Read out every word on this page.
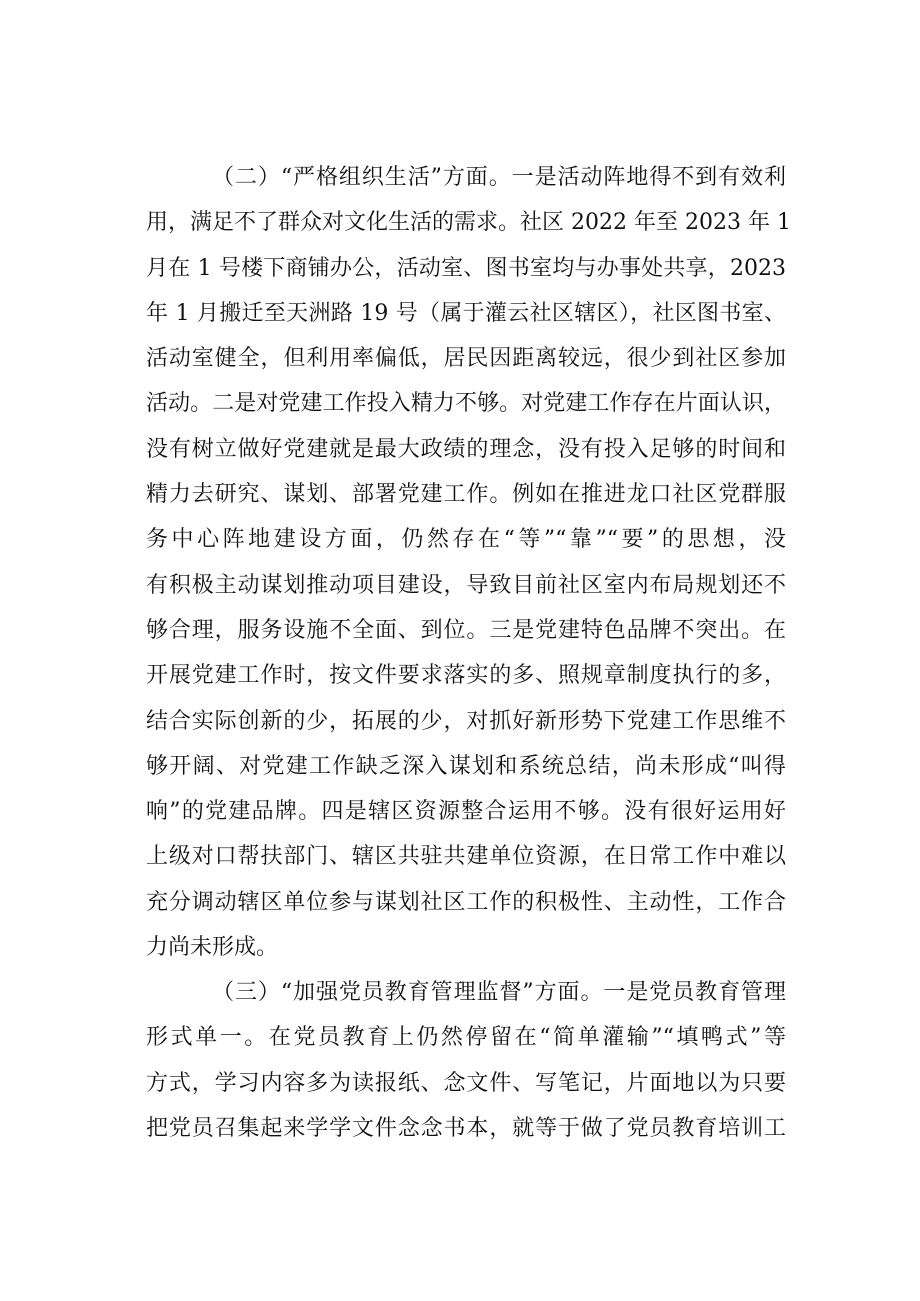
（二）“严格组织生活”方面。一是活动阵地得不到有效利
用，满足不了群众对文化生活的需求。社区 2022 年至 2023 年 1
月在 1 号楼下商铺办公，活动室、图书室均与办事处共享，2023
年 1 月搬迁至天洲路 19 号（属于灌云社区辖区），社区图书室、
活动室健全，但利用率偏低，居民因距离较远，很少到社区参加
活动。二是对党建工作投入精力不够。对党建工作存在片面认识，
没有树立做好党建就是最大政绩的理念，没有投入足够的时间和
精力去研究、谋划、部署党建工作。例如在推进龙口社区党群服
务中心阵地建设方面，仍然存在“等”“靠”“要”的思想，没
有积极主动谋划推动项目建设，导致目前社区室内布局规划还不
够合理，服务设施不全面、到位。三是党建特色品牌不突出。在
开展党建工作时，按文件要求落实的多、照规章制度执行的多，
结合实际创新的少，拓展的少，对抓好新形势下党建工作思维不
够开阔、对党建工作缺乏深入谋划和系统总结，尚未形成“叫得
响”的党建品牌。四是辖区资源整合运用不够。没有很好运用好
上级对口帮扶部门、辖区共驻共建单位资源，在日常工作中难以
充分调动辖区单位参与谋划社区工作的积极性、主动性，工作合
力尚未形成。
（三）“加强党员教育管理监督”方面。一是党员教育管理
形式单一。在党员教育上仍然停留在“简单灌输”“填鸭式”等
方式，学习内容多为读报纸、念文件、写笔记，片面地以为只要
把党员召集起来学学文件念念书本，就等于做了党员教育培训工
